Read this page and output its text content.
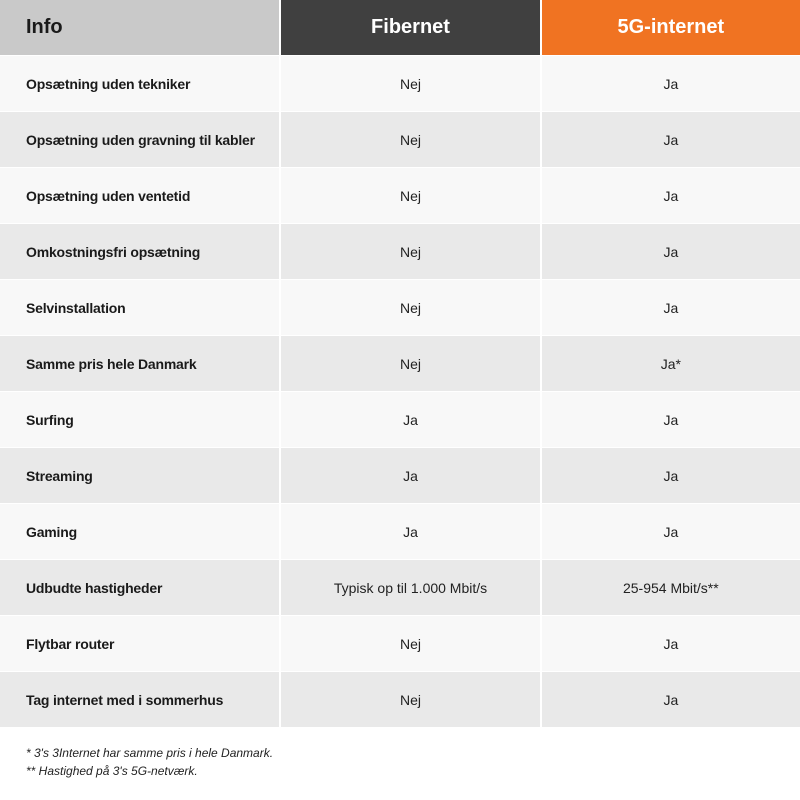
Info	Fibernet	5G-internet
Opsætning uden tekniker	Nej	Ja
Opsætning uden gravning til kabler	Nej	Ja
Opsætning uden ventetid	Nej	Ja
Omkostningsfri opsætning	Nej	Ja
Selvinstallation	Nej	Ja
Samme pris hele Danmark	Nej	Ja*
Surfing	Ja	Ja
Streaming	Ja	Ja
Gaming	Ja	Ja
Udbudte hastigheder	Typisk op til 1.000 Mbit/s	25-954 Mbit/s**
Flytbar router	Nej	Ja
Tag internet med i sommerhus	Nej	Ja
* 3's 3Internet har samme pris i hele Danmark.
** Hastighed på 3's 5G-netværk.
